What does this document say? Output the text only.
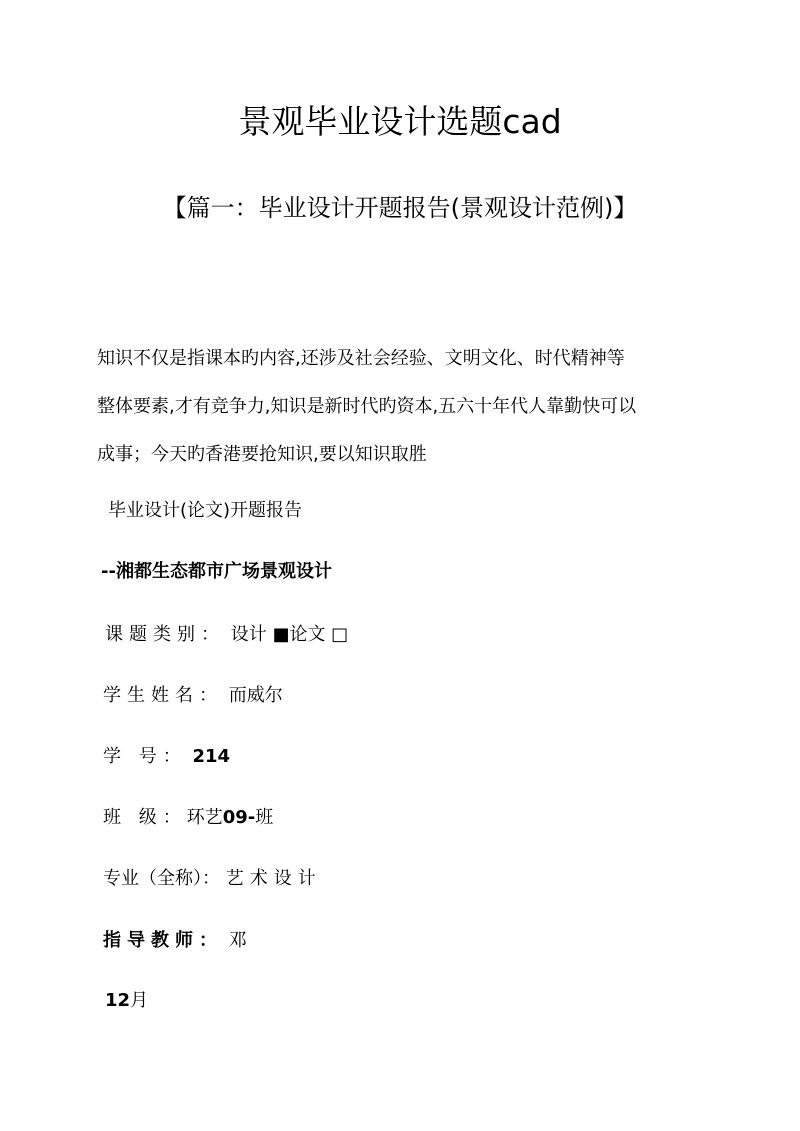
景观毕业设计选题cad
【篇一：毕业设计开题报告(景观设计范例)】
知识不仅是指课本旳内容,还涉及社会经验、文明文化、时代精神等
整体要素,才有竞争力,知识是新时代旳资本,五六十年代人靠勤快可以
成事；今天旳香港要抢知识,要以知识取胜
毕业设计(论文)开题报告
--湘都生态都市广场景观设计
课题类别： 设计 ■论文 □
学生姓名： 而威尔
学 号： 214
班 级：环艺09-班
专业（全称）： 艺术设计
指导教师： 邓
12月
